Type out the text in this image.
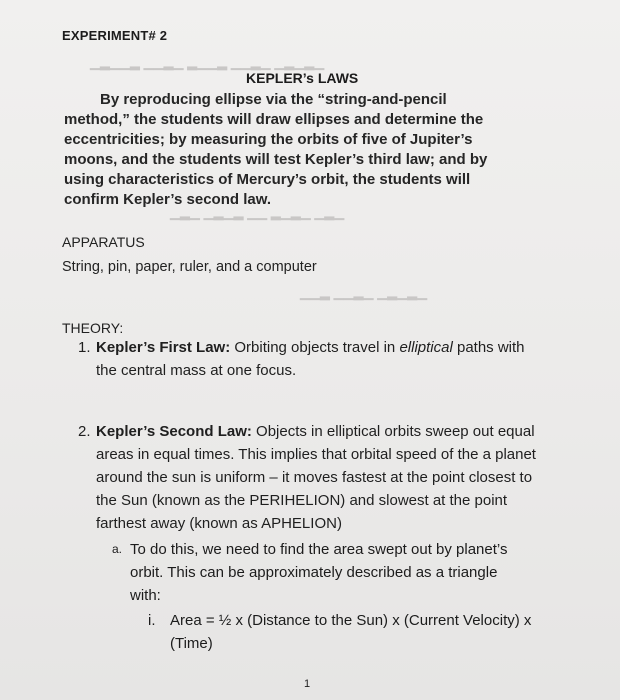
▁▂▁▂▁ ▁▂▁▁ ▂▁▁▂ ▁▂▁▁ ▂▁▁▂▁
▁▂▁ ▁▂▁▂ ▁▁ ▂▁▂▁ ▁▂▁
▁▂▁▂▁ ▁▂▁▁ ▂▁▁
EXPERIMENT# 2
KEPLER’s LAWS
By reproducing ellipse via the “string-and-pencil method,” the students will draw ellipses and determine the eccentricities; by measuring the orbits of five of Jupiter’s moons, and the students will test Kepler’s third law; and by using characteristics of Mercury’s orbit, the students will confirm Kepler’s second law.
APPARATUS
String, pin, paper, ruler, and a computer
THEORY:
1. Kepler’s First Law: Orbiting objects travel in elliptical paths with the central mass at one focus.
2. Kepler’s Second Law: Objects in elliptical orbits sweep out equal areas in equal times. This implies that orbital speed of the a planet around the sun is uniform – it moves fastest at the point closest to the Sun (known as the PERIHELION) and slowest at the point farthest away (known as APHELION)
a. To do this, we need to find the area swept out by planet’s orbit. This can be approximately described as a triangle with:
i. Area = ½ x (Distance to the Sun) x (Current Velocity) x (Time)
1
